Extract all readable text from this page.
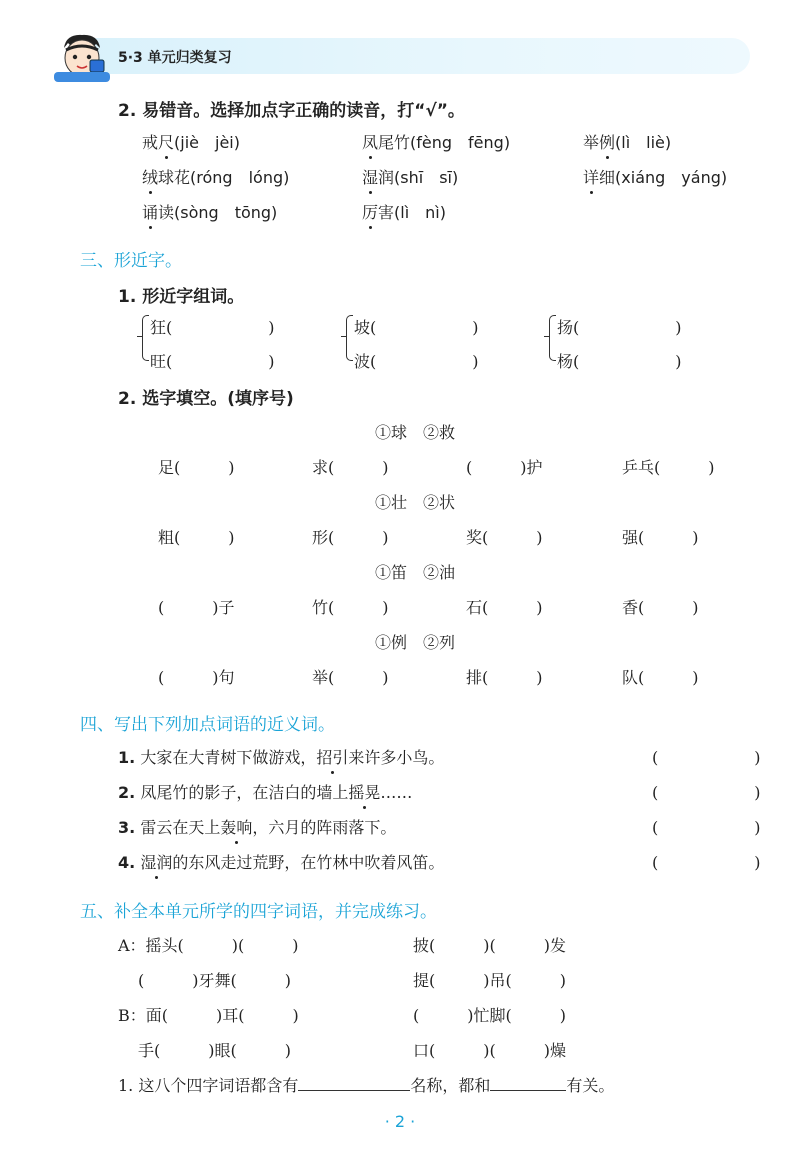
5·3 单元归类复习
2. 易错音。选择加点字正确的读音，打“√”。
戒尺(jiè　jèi)	凤尾竹(fèng　fēng)	举例(lì　liè)
绒球花(róng　lóng)	湿润(shī　sī)	详细(xiáng　yáng)
诵读(sòng　tōng)	厉害(lì　nì)
三、形近字。
1. 形近字组词。
狂(　　　　　　)
旺(　　　　　　)
坡(　　　　　　)
波(　　　　　　)
扬(　　　　　　)
杨(　　　　　　)
2. 选字填空。(填序号)
①球　②救
足(　　　)	求(　　　)	(　　　)护	乒乓(　　　)
①壮　②状
粗(　　　)	形(　　　)	奖(　　　)	强(　　　)
①笛　②油
(　　　)子	竹(　　　)	石(　　　)	香(　　　)
①例　②列
(　　　)句	举(　　　)	排(　　　)	队(　　　)
四、写出下列加点词语的近义词。
1. 大家在大青树下做游戏，招引来许多小鸟。	(　　　　　　)
2. 凤尾竹的影子，在洁白的墙上摇晃……	(　　　　　　)
3. 雷云在天上轰响，六月的阵雨落下。	(　　　　　　)
4. 湿润的东风走过荒野，在竹林中吹着风笛。	(　　　　　　)
五、补全本单元所学的四字词语，并完成练习。
A：摇头(　　　)(　　　)	披(　　　)(　　　)发
(　　　)牙舞(　　　)	提(　　　)吊(　　　)
B：面(　　　)耳(　　　)	(　　　)忙脚(　　　)
手(　　　)眼(　　　)	口(　　　)(　　　)燥
1. 这八个四字词语都含有	名称，都和	有关。
· 2 ·
